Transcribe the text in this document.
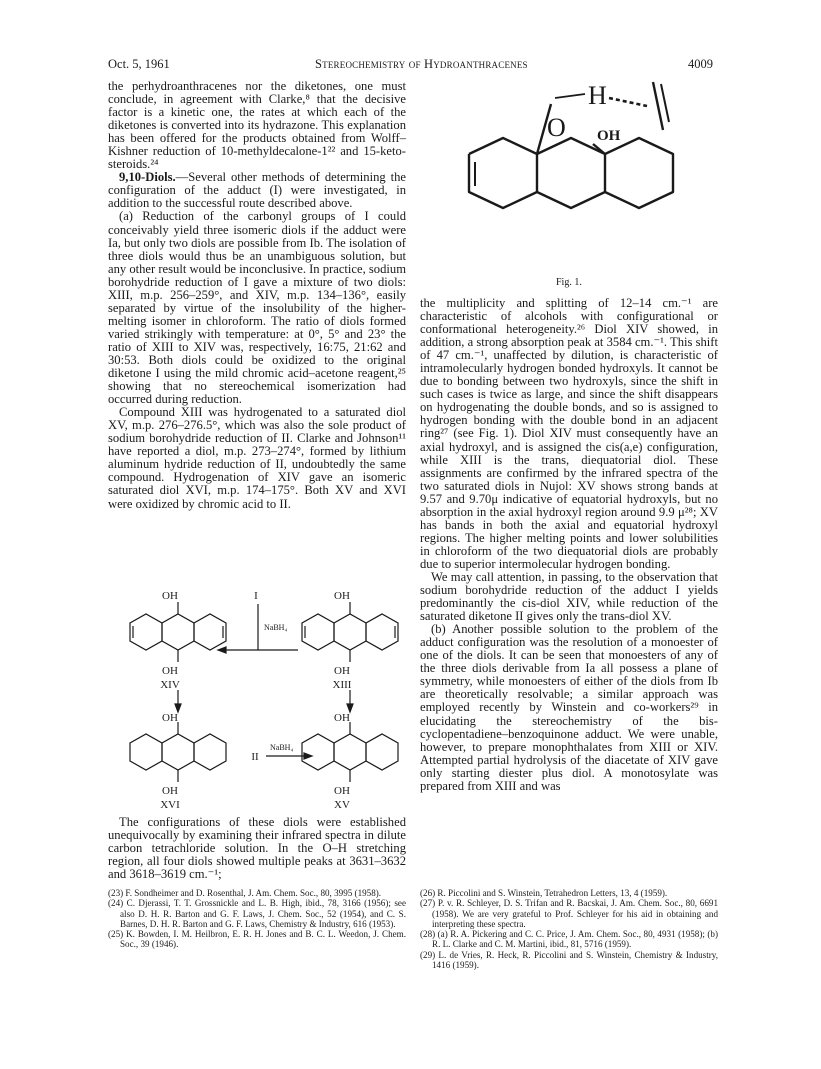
Oct. 5, 1961	Stereochemistry of Hydroanthracenes	4009

the perhydroanthracenes nor the diketones, one must conclude, in agreement with Clarke,⁸ that the decisive factor is a kinetic one, the rates at which each of the diketones is converted into its hydrazone. This explanation has been offered for the products obtained from Wolff–Kishner reduction of 10-methyldecalone-1²² and 15-keto-steroids.²⁴

9,10-Diols.—Several other methods of determining the configuration of the adduct (I) were investigated, in addition to the successful route described above.

(a) Reduction of the carbonyl groups of I could conceivably yield three isomeric diols if the adduct were Ia, but only two diols are possible from Ib. The isolation of three diols would thus be an unambiguous solution, but any other result would be inconclusive. In practice, sodium borohydride reduction of I gave a mixture of two diols: XIII, m.p. 256–259°, and XIV, m.p. 134–136°, easily separated by virtue of the insolubility of the higher-melting isomer in chloroform. The ratio of diols formed varied strikingly with temperature: at 0°, 5° and 23° the ratio of XIII to XIV was, respectively, 16:75, 21:62 and 30:53. Both diols could be oxidized to the original diketone I using the mild chromic acid–acetone reagent,²⁵ showing that no stereochemical isomerization had occurred during reduction.

Compound XIII was hydrogenated to a saturated diol XV, m.p. 276–276.5°, which was also the sole product of sodium borohydride reduction of II. Clarke and Johnson¹¹ have reported a diol, m.p. 273–274°, formed by lithium aluminum hydride reduction of II, undoubtedly the same compound. Hydrogenation of XIV gave an isomeric saturated diol XVI, m.p. 174–175°. Both XV and XVI were oxidized by chromic acid to II.

OH
OH
XIV
OH
OH
XIII
I
NaBH₄
OH
OH
XVI
II
NaBH₄
OH
OH
XV

The configurations of these diols were established unequivocally by examining their infrared spectra in dilute carbon tetrachloride solution. In the O–H stretching region, all four diols showed multiple peaks at 3631–3632 and 3618–3619 cm.⁻¹;

O
H
OH
Fig. 1.

the multiplicity and splitting of 12–14 cm.⁻¹ are characteristic of alcohols with configurational or conformational heterogeneity.²⁶ Diol XIV showed, in addition, a strong absorption peak at 3584 cm.⁻¹. This shift of 47 cm.⁻¹, unaffected by dilution, is characteristic of intramolecularly hydrogen bonded hydroxyls. It cannot be due to bonding between two hydroxyls, since the shift in such cases is twice as large, and since the shift disappears on hydrogenating the double bonds, and so is assigned to hydrogen bonding with the double bond in an adjacent ring²⁷ (see Fig. 1). Diol XIV must consequently have an axial hydroxyl, and is assigned the cis(a,e) configuration, while XIII is the trans, diequatorial diol. These assignments are confirmed by the infrared spectra of the two saturated diols in Nujol: XV shows strong bands at 9.57 and 9.70μ indicative of equatorial hydroxyls, but no absorption in the axial hydroxyl region around 9.9 μ²⁸; XV has bands in both the axial and equatorial hydroxyl regions. The higher melting points and lower solubilities in chloroform of the two diequatorial diols are probably due to superior intermolecular hydrogen bonding.

We may call attention, in passing, to the observation that sodium borohydride reduction of the adduct I yields predominantly the cis-diol XIV, while reduction of the saturated diketone II gives only the trans-diol XV.

(b) Another possible solution to the problem of the adduct configuration was the resolution of a monoester of one of the diols. It can be seen that monoesters of any of the three diols derivable from Ia all possess a plane of symmetry, while monoesters of either of the diols from Ib are theoretically resolvable; a similar approach was employed recently by Winstein and co-workers²⁹ in elucidating the stereochemistry of the bis-cyclopentadiene–benzoquinone adduct. We were unable, however, to prepare monophthalates from XIII or XIV. Attempted partial hydrolysis of the diacetate of XIV gave only starting diester plus diol. A monotosylate was prepared from XIII and was

(23) F. Sondheimer and D. Rosenthal, J. Am. Chem. Soc., 80, 3995 (1958).

(24) C. Djerassi, T. T. Grossnickle and L. B. High, ibid., 78, 3166 (1956); see also D. H. R. Barton and G. F. Laws, J. Chem. Soc., 52 (1954), and C. S. Barnes, D. H. R. Barton and G. F. Laws, Chemistry & Industry, 616 (1953).

(25) K. Bowden, I. M. Heilbron, E. R. H. Jones and B. C. L. Weedon, J. Chem. Soc., 39 (1946).

(26) R. Piccolini and S. Winstein, Tetrahedron Letters, 13, 4 (1959).

(27) P. v. R. Schleyer, D. S. Trifan and R. Bacskai, J. Am. Chem. Soc., 80, 6691 (1958). We are very grateful to Prof. Schleyer for his aid in obtaining and interpreting these spectra.

(28) (a) R. A. Pickering and C. C. Price, J. Am. Chem. Soc., 80, 4931 (1958); (b) R. L. Clarke and C. M. Martini, ibid., 81, 5716 (1959).

(29) L. de Vries, R. Heck, R. Piccolini and S. Winstein, Chemistry & Industry, 1416 (1959).
